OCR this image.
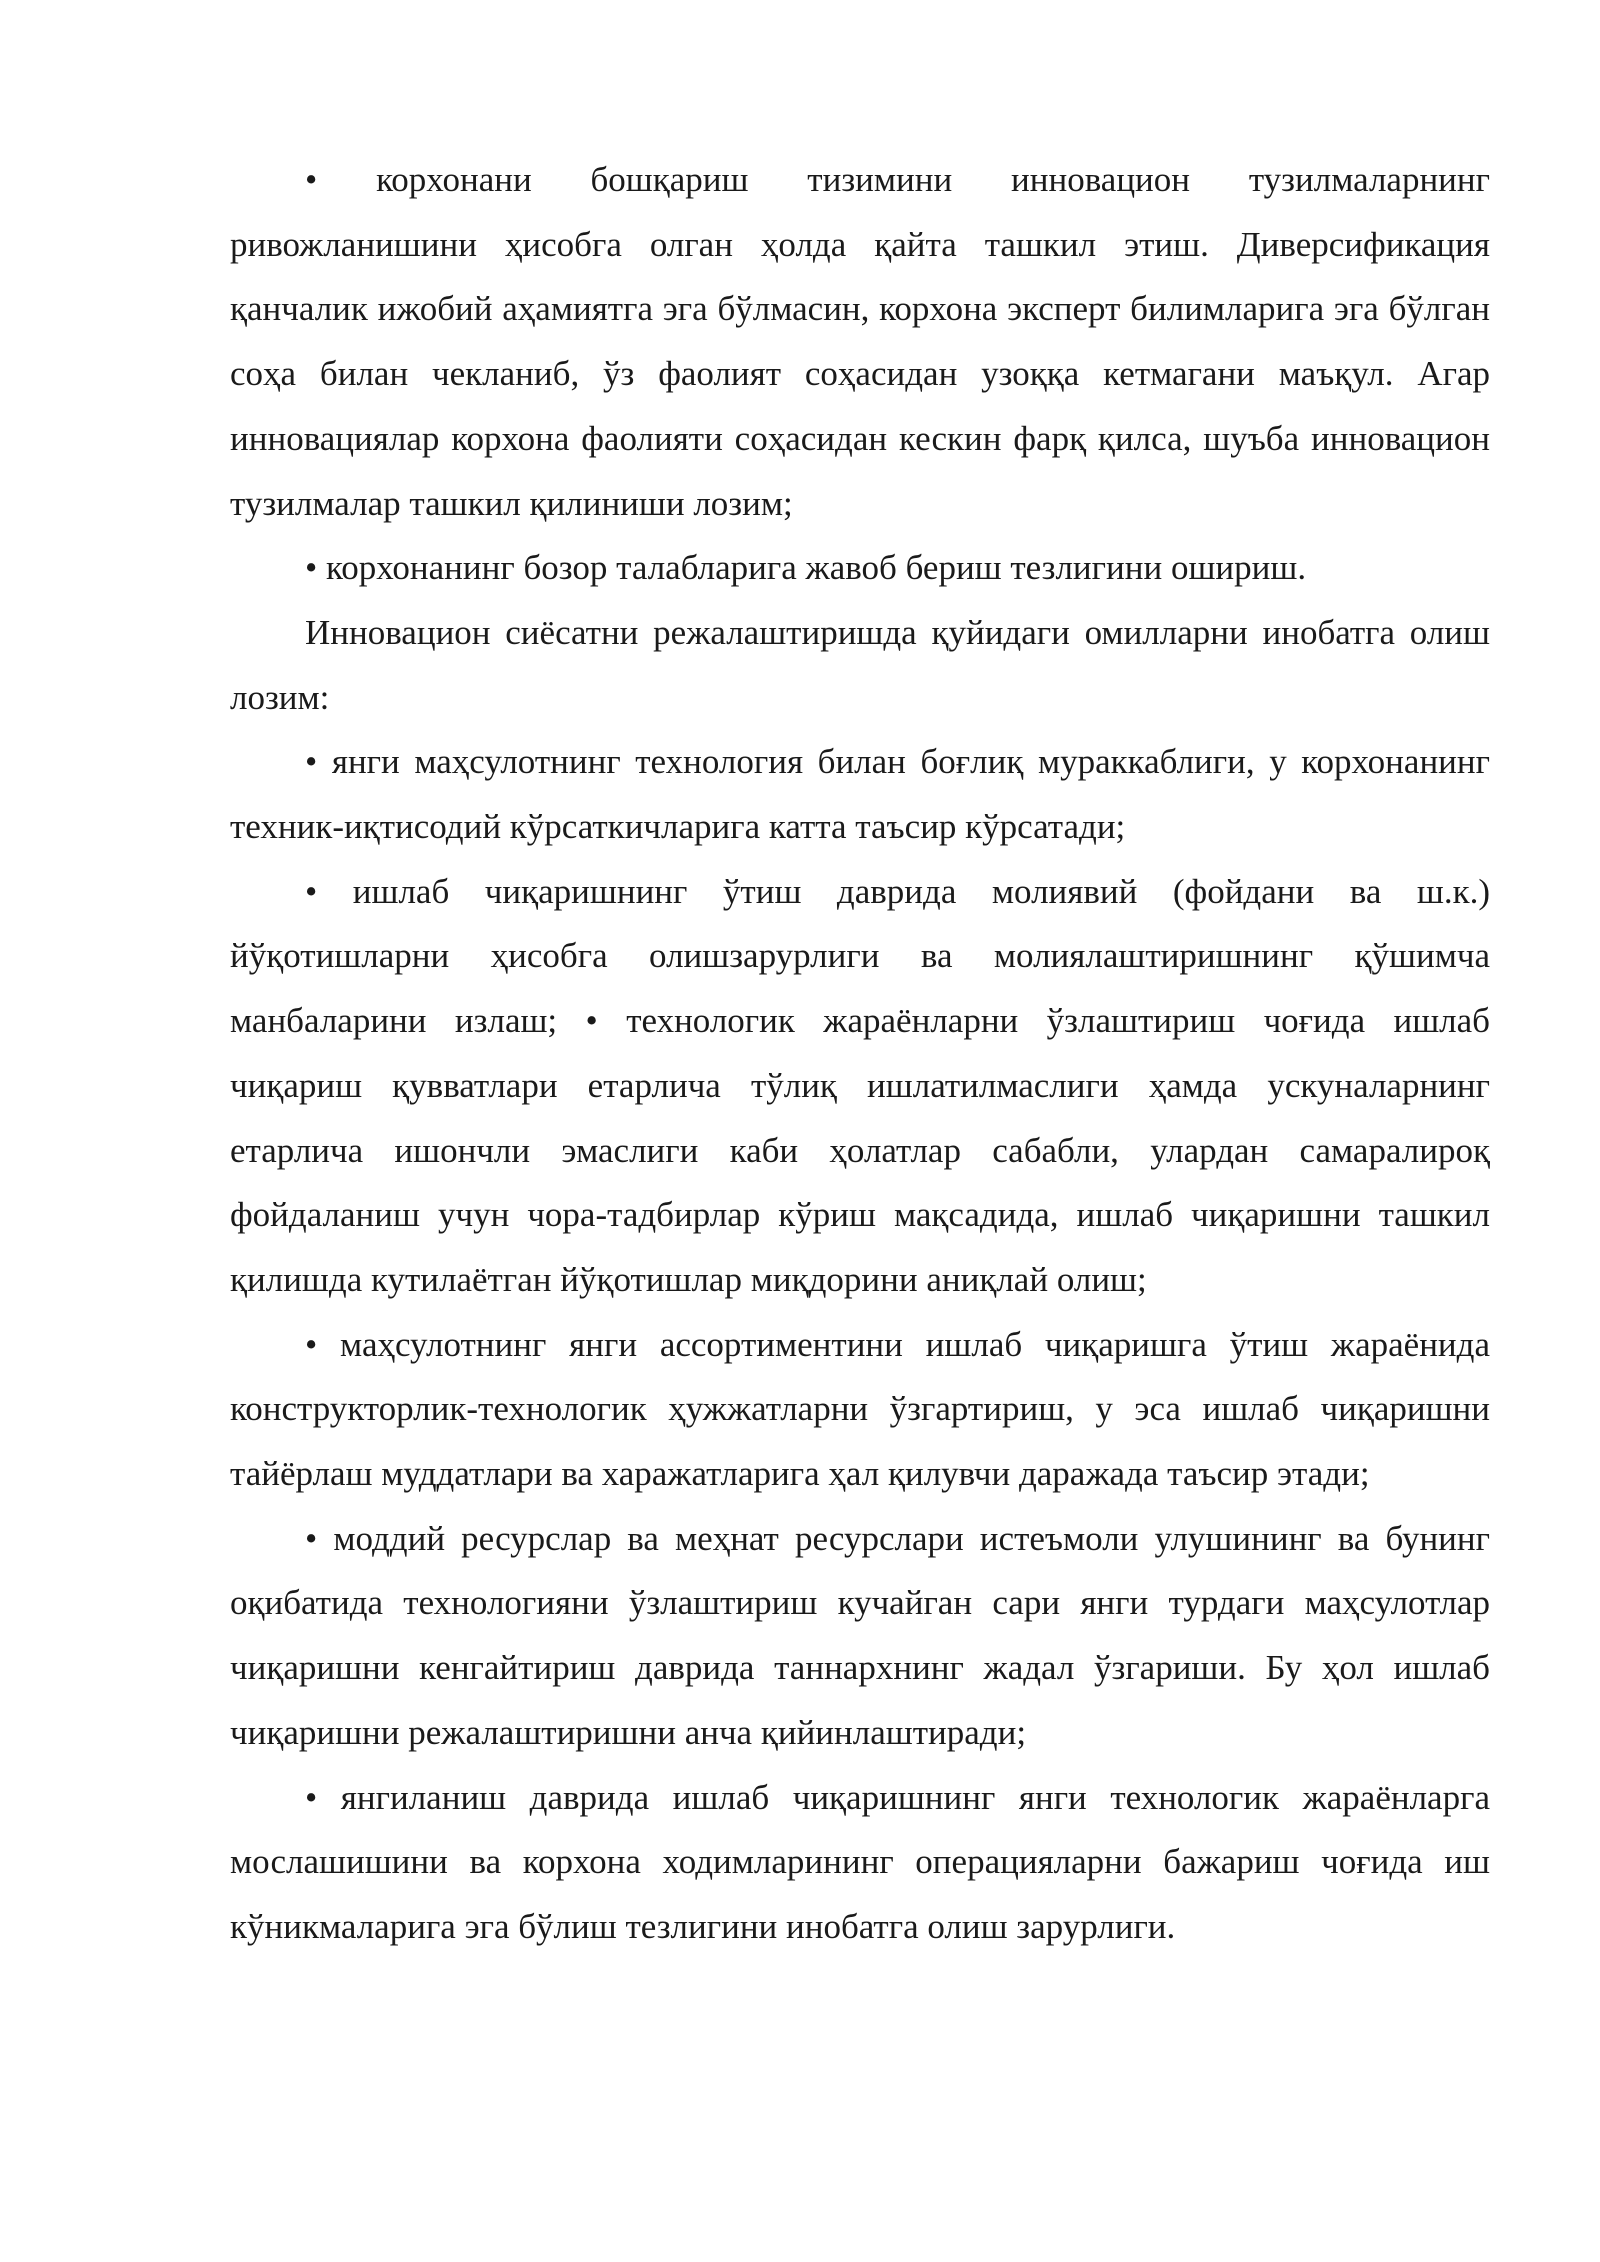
• корхонани бошқариш тизимини инновацион тузилмаларнинг ривожланишини ҳисобга олган ҳолда қайта ташкил этиш. Диверсификация қанчалик ижобий аҳамиятга эга бўлмасин, корхона эксперт билимларига эга бўлган соҳа билан чекланиб, ўз фаолият соҳасидан узоққа кетмагани маъқул. Агар инновациялар корхона фаолияти соҳасидан кескин фарқ қилса, шуъба инновацион тузилмалар ташкил қилиниши лозим;

• корхонанинг бозор талабларига жавоб бериш тезлигини ошириш.

Инновацион сиёсатни режалаштиришда қуйидаги омилларни инобатга олиш лозим:

• янги маҳсулотнинг технология билан боғлиқ мураккаблиги, у корхонанинг техник-иқтисодий кўрсаткичларига катта таъсир кўрсатади;

• ишлаб чиқаришнинг ўтиш даврида молиявий (фойдани ва ш.к.) йўқотишларни ҳисобга олишзарурлиги ва молиялаштиришнинг қўшимча манбаларини излаш; • технологик жараёнларни ўзлаштириш чоғида ишлаб чиқариш қувватлари етарлича тўлиқ ишлатилмаслиги ҳамда ускуналарнинг етарлича ишончли эмаслиги каби ҳолатлар сабабли, улардан самаралироқ фойдаланиш учун чора-тадбирлар кўриш мақсадида, ишлаб чиқаришни ташкил қилишда кутилаётган йўқотишлар миқдорини аниқлай олиш;

• маҳсулотнинг янги ассортиментини ишлаб чиқаришга ўтиш жараёнида конструкторлик-технологик ҳужжатларни ўзгартириш, у эса ишлаб чиқаришни тайёрлаш муддатлари ва харажатларига ҳал қилувчи даражада таъсир этади;

• моддий ресурслар ва меҳнат ресурслари истеъмоли улушининг ва бунинг оқибатида технологияни ўзлаштириш кучайган сари янги турдаги маҳсулотлар чиқаришни кенгайтириш даврида таннархнинг жадал ўзгариши. Бу ҳол ишлаб чиқаришни режалаштиришни анча қийинлаштиради;

• янгиланиш даврида ишлаб чиқаришнинг янги технологик жараёнларга мослашишини ва корхона ходимларининг операцияларни бажариш чоғида иш кўникмаларига эга бўлиш тезлигини инобатга олиш зарурлиги.
